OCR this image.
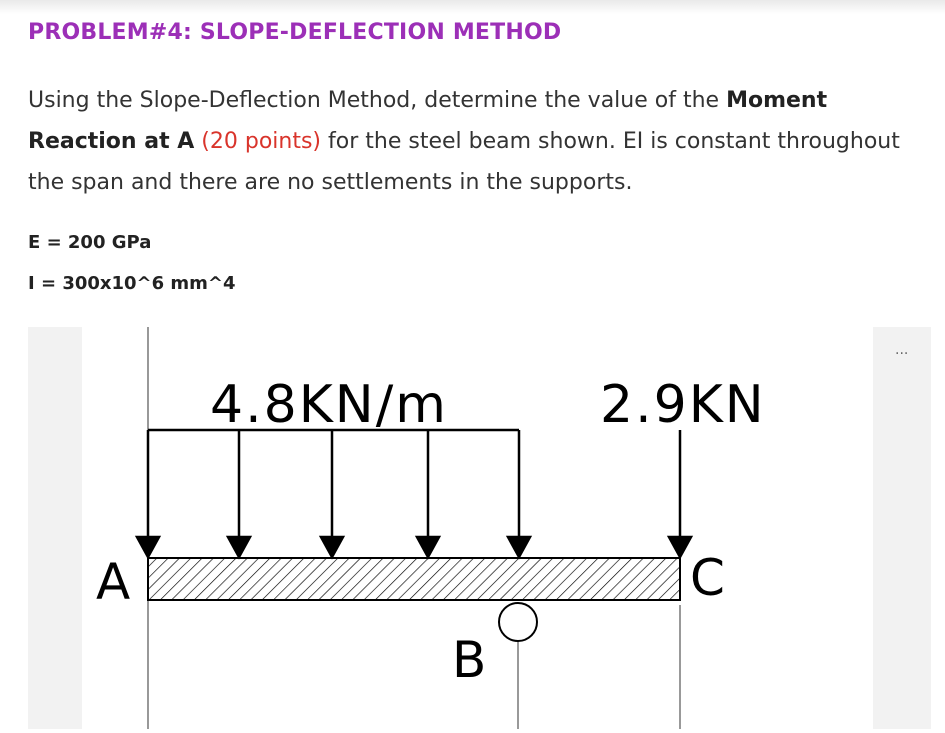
PROBLEM#4: SLOPE-DEFLECTION METHOD
Using the Slope-Deflection Method, determine the value of the Moment Reaction at A (20 points) for the steel beam shown. EI is constant throughout the span and there are no settlements in the supports.
E = 200 GPa
I = 300x10^6 mm^4
...
4.8KN/m	2.9KN
A
B
C
